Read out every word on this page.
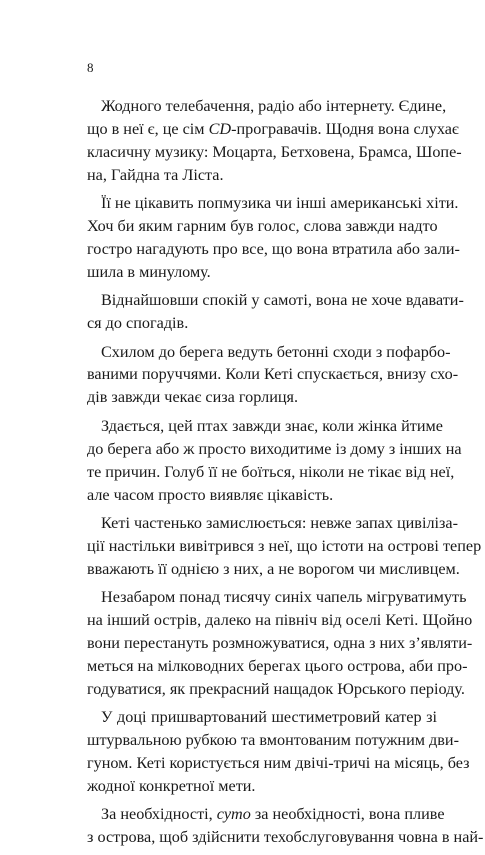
8
Жодного телебачення, радіо або інтернету. Єдине,
що в неї є, це сім CD-програвачів. Щодня вона слухає
класичну музику: Моцарта, Бетховена, Брамса, Шопе-
на, Гайдна та Ліста.
Її не цікавить попмузика чи інші американські хіти.
Хоч би яким гарним був голос, слова завжди надто
гостро нагадують про все, що вона втратила або зали-
шила в минулому.
Віднайшовши спокій у самоті, вона не хоче вдавати-
ся до спогадів.
Схилом до берега ведуть бетонні сходи з пофарбо-
ваними поруччями. Коли Кеті спускається, внизу схо-
дів завжди чекає сиза горлиця.
Здається, цей птах завжди знає, коли жінка йтиме
до берега або ж просто виходитиме із дому з інших на
те причин. Голуб її не боїться, ніколи не тікає від неї,
але часом просто виявляє цікавість.
Кеті частенько замислюється: невже запах цивіліза-
ції настільки вивітрився з неї, що істоти на острові тепер
вважають її однією з них, а не ворогом чи мисливцем.
Незабаром понад тисячу синіх чапель мігруватимуть
на інший острів, далеко на північ від оселі Кеті. Щойно
вони перестануть розмножуватися, одна з них з’являти-
меться на мілководних берегах цього острова, аби про-
годуватися, як прекрасний нащадок Юрського періоду.
У доці пришвартований шестиметровий катер зі
штурвальною рубкою та вмонтованим потужним дви-
гуном. Кеті користується ним двічі-тричі на місяць, без
жодної конкретної мети.
За необхідності, суто за необхідності, вона пливе
з острова, щоб здійснити техобслуговування човна в най-
